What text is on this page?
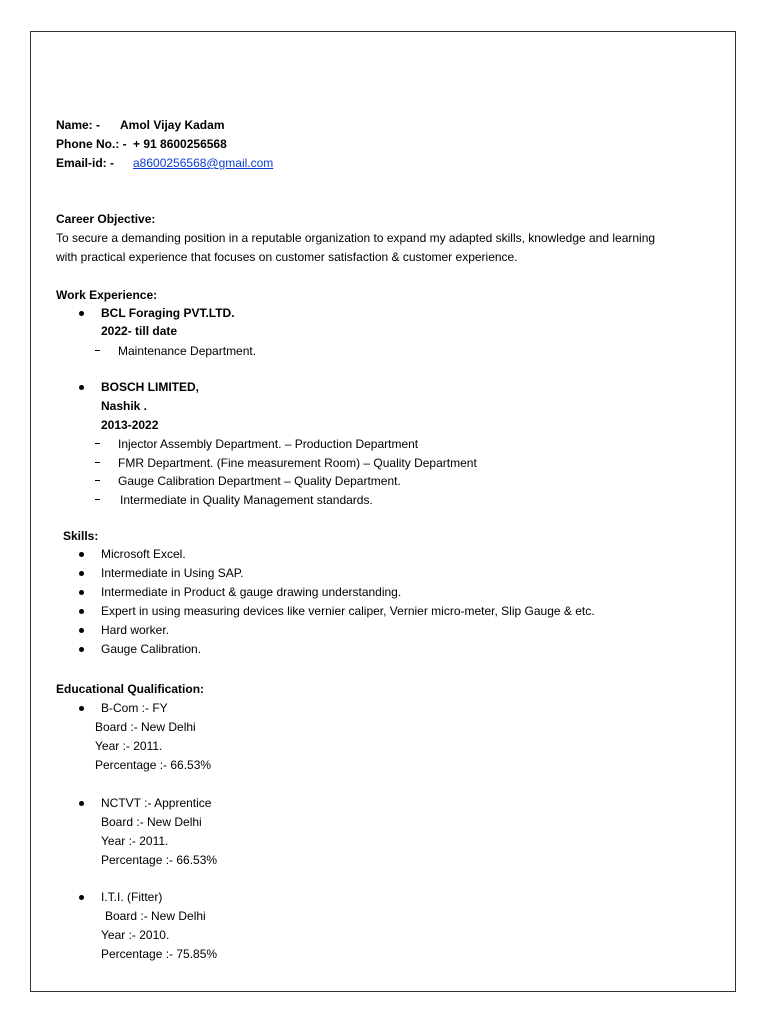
Name: - Amol Vijay Kadam
Phone No.: - + 91 8600256568
Email-id: - a8600256568@gmail.com
Career Objective:
To secure a demanding position in a reputable organization to expand my adapted skills, knowledge and learning
with practical experience that focuses on customer satisfaction & customer experience.
Work Experience:
BCL Foraging PVT.LTD.
2022- till date
Maintenance Department.
BOSCH LIMITED,
Nashik .
2013-2022
Injector Assembly Department. – Production Department
FMR Department. (Fine measurement Room) – Quality Department
Gauge Calibration Department – Quality Department.
Intermediate in Quality Management standards.
Skills:
Microsoft Excel.
Intermediate in Using SAP.
Intermediate in Product & gauge drawing understanding.
Expert in using measuring devices like vernier caliper, Vernier micro-meter, Slip Gauge & etc.
Hard worker.
Gauge Calibration.
Educational Qualification:
B-Com :- FY
Board :- New Delhi
Year :- 2011.
Percentage :- 66.53%
NCTVT :- Apprentice
Board :- New Delhi
Year :- 2011.
Percentage :- 66.53%
I.T.I. (Fitter)
Board :- New Delhi
Year :- 2010.
Percentage :- 75.85%
